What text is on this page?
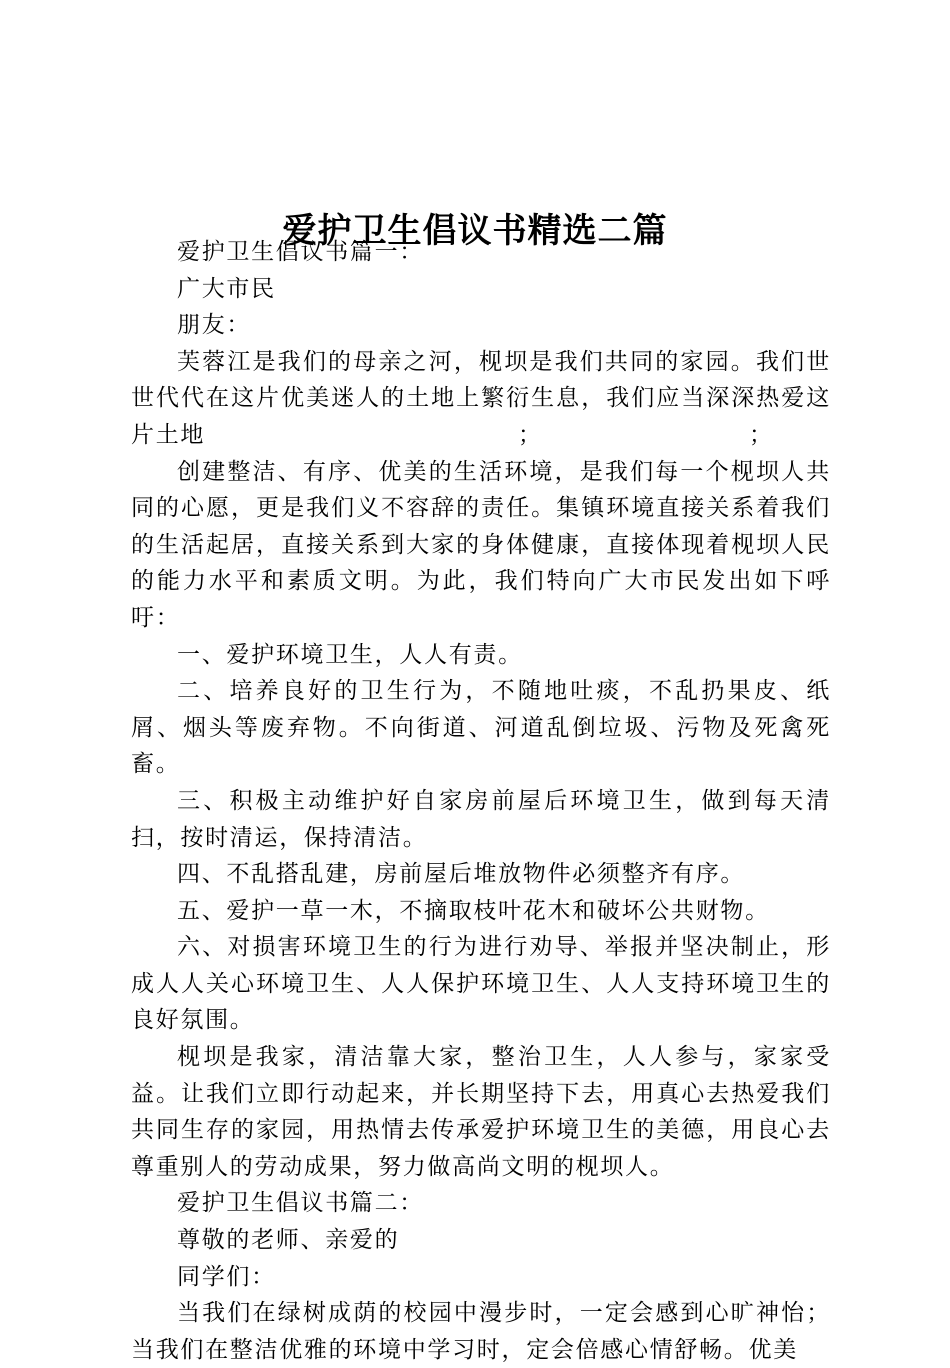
爱护卫生倡议书精选二篇

爱护卫生倡议书篇一：

广大市民

朋友：

芙蓉江是我们的母亲之河，枧坝是我们共同的家园。我们世世代代在这片优美迷人的土地上繁衍生息，我们应当深深热爱这片土地	；	；

创建整洁、有序、优美的生活环境，是我们每一个枧坝人共同的心愿，更是我们义不容辞的责任。集镇环境直接关系着我们的生活起居，直接关系到大家的身体健康，直接体现着枧坝人民的能力水平和素质文明。为此，我们特向广大市民发出如下呼吁：

一、爱护环境卫生，人人有责。

二、培养良好的卫生行为，不随地吐痰，不乱扔果皮、纸屑、烟头等废弃物。不向街道、河道乱倒垃圾、污物及死禽死畜。

三、积极主动维护好自家房前屋后环境卫生，做到每天清扫，按时清运，保持清洁。

四、不乱搭乱建，房前屋后堆放物件必须整齐有序。

五、爱护一草一木，不摘取枝叶花木和破坏公共财物。

六、对损害环境卫生的行为进行劝导、举报并坚决制止，形成人人关心环境卫生、人人保护环境卫生、人人支持环境卫生的良好氛围。

枧坝是我家，清洁靠大家，整治卫生，人人参与，家家受益。让我们立即行动起来，并长期坚持下去，用真心去热爱我们共同生存的家园，用热情去传承爱护环境卫生的美德，用良心去尊重别人的劳动成果，努力做高尚文明的枧坝人。

爱护卫生倡议书篇二：

尊敬的老师、亲爱的

同学们：

当我们在绿树成荫的校园中漫步时，一定会感到心旷神怡；当我们在整洁优雅的环境中学习时，定会倍感心情舒畅。优美
